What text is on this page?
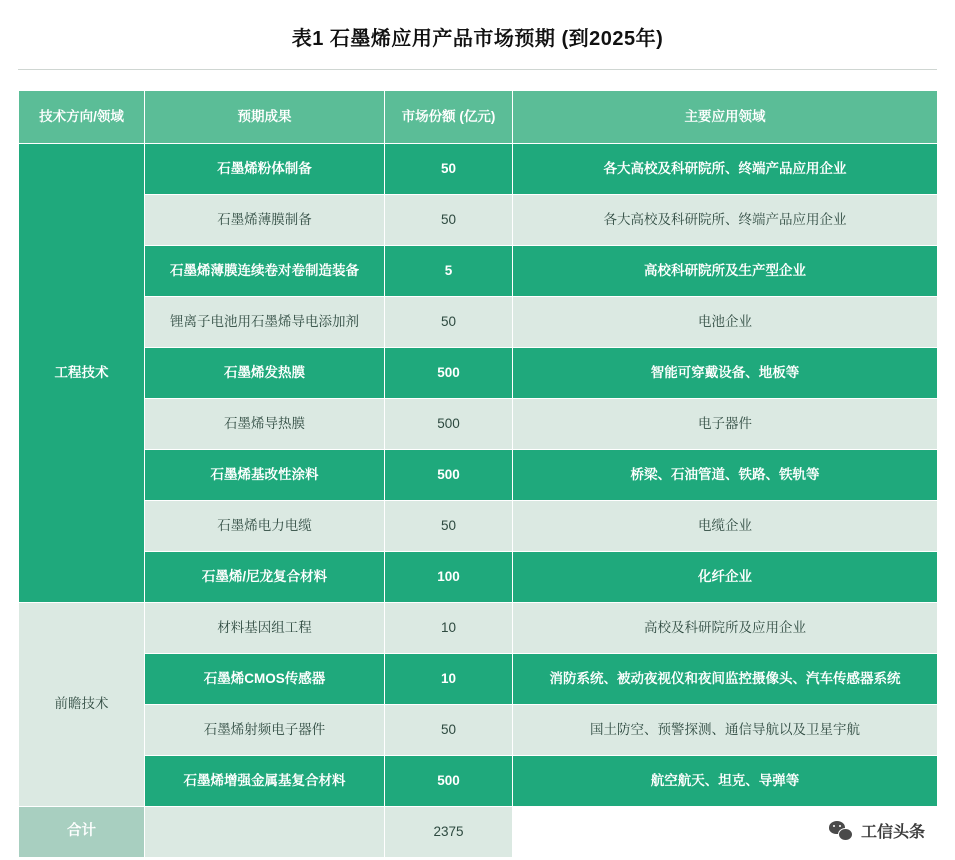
表1 石墨烯应用产品市场预期 (到2025年)
技术方向/领域	预期成果	市场份额 (亿元)	主要应用领域
工程技术	石墨烯粉体制备	50	各大高校及科研院所、终端产品应用企业
	石墨烯薄膜制备	50	各大高校及科研院所、终端产品应用企业
	石墨烯薄膜连续卷对卷制造装备	5	高校科研院所及生产型企业
	锂离子电池用石墨烯导电添加剂	50	电池企业
	石墨烯发热膜	500	智能可穿戴设备、地板等
	石墨烯导热膜	500	电子器件
	石墨烯基改性涂料	500	桥梁、石油管道、铁路、铁轨等
	石墨烯电力电缆	50	电缆企业
	石墨烯/尼龙复合材料	100	化纤企业
前瞻技术	材料基因组工程	10	高校及科研院所及应用企业
	石墨烯CMOS传感器	10	消防系统、被动夜视仪和夜间监控摄像头、汽车传感器系统
	石墨烯射频电子器件	50	国土防空、预警探测、通信导航以及卫星宇航
	石墨烯增强金属基复合材料	500	航空航天、坦克、导弹等
合计		2375		工信头条
